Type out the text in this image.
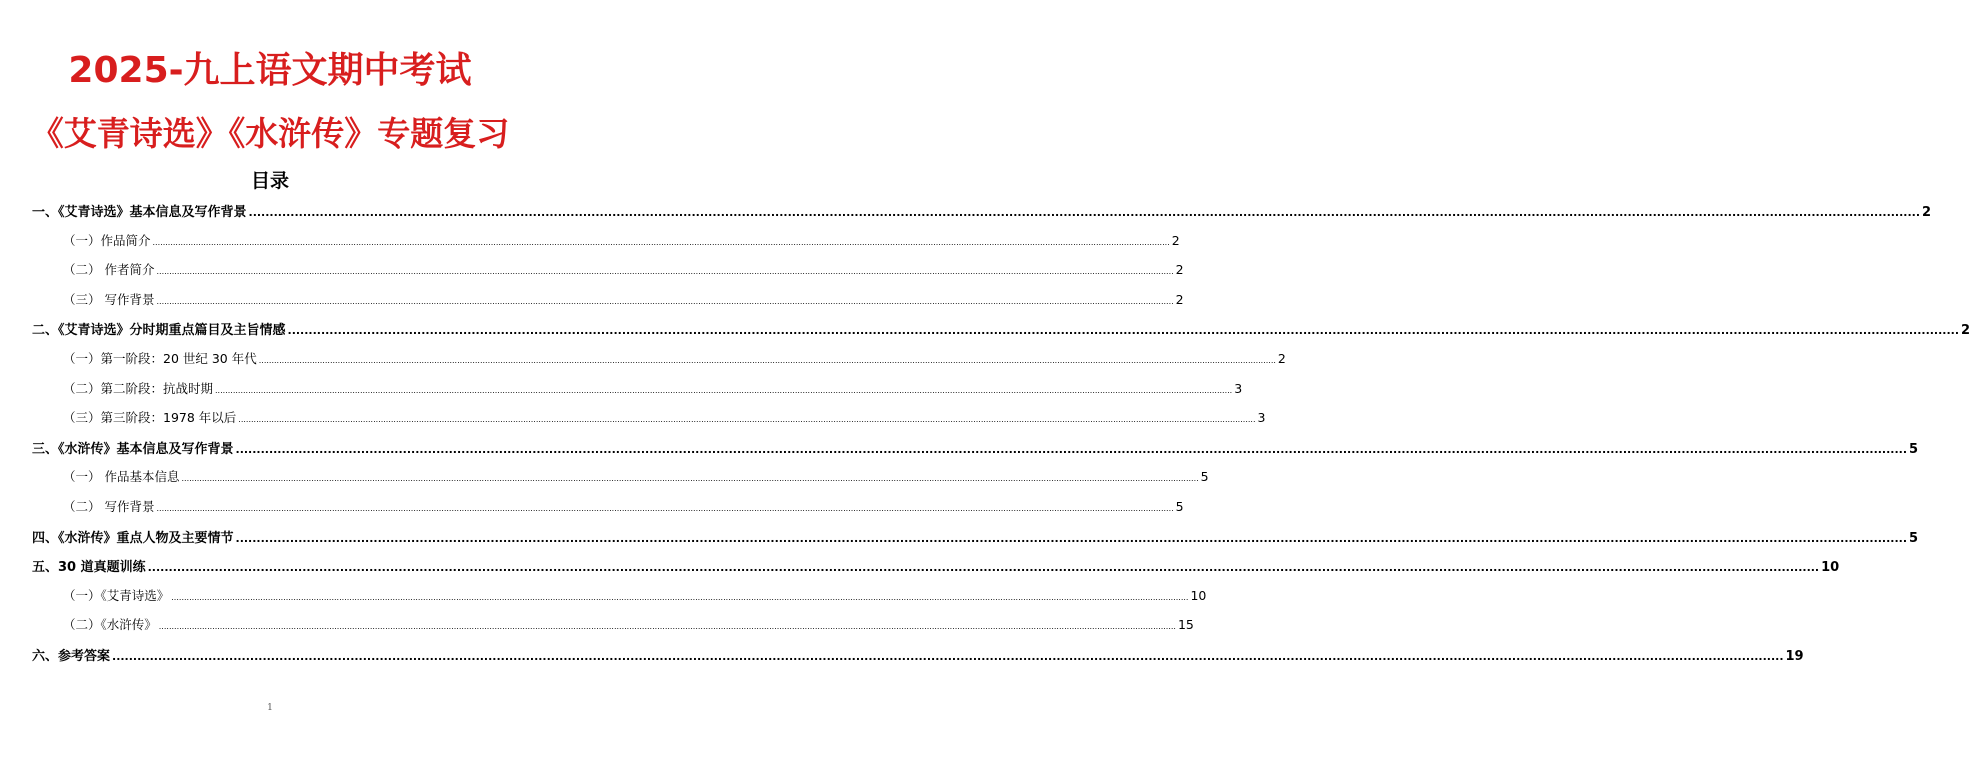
2025-九上语文期中考试
《艾青诗选》《水浒传》专题复习
目录
一、《艾青诗选》基本信息及写作背景 ................................................................................................................................................................................................................................................................................................................................................................................................................ 2
（一）作品简介 ................................................................................................................................................................................................................................................................................................................................................................................................................ 2
（二） 作者简介 ................................................................................................................................................................................................................................................................................................................................................................................................................ 2
（三） 写作背景 ................................................................................................................................................................................................................................................................................................................................................................................................................ 2
二、《艾青诗选》分时期重点篇目及主旨情感 ................................................................................................................................................................................................................................................................................................................................................................................................................ 2
（一）第一阶段：20 世纪 30 年代 ................................................................................................................................................................................................................................................................................................................................................................................................................ 2
（二）第二阶段：抗战时期 ................................................................................................................................................................................................................................................................................................................................................................................................................ 3
（三）第三阶段：1978 年以后 ................................................................................................................................................................................................................................................................................................................................................................................................................ 3
三、《水浒传》基本信息及写作背景 ................................................................................................................................................................................................................................................................................................................................................................................................................ 5
（一） 作品基本信息 ................................................................................................................................................................................................................................................................................................................................................................................................................ 5
（二） 写作背景 ................................................................................................................................................................................................................................................................................................................................................................................................................ 5
四、《水浒传》重点人物及主要情节 ................................................................................................................................................................................................................................................................................................................................................................................................................ 5
五、30 道真题训练 ................................................................................................................................................................................................................................................................................................................................................................................................................ 10
（一）《艾青诗选》 ................................................................................................................................................................................................................................................................................................................................................................................................................ 10
（二）《水浒传》 ................................................................................................................................................................................................................................................................................................................................................................................................................ 15
六、参考答案 ................................................................................................................................................................................................................................................................................................................................................................................................................ 19
1
